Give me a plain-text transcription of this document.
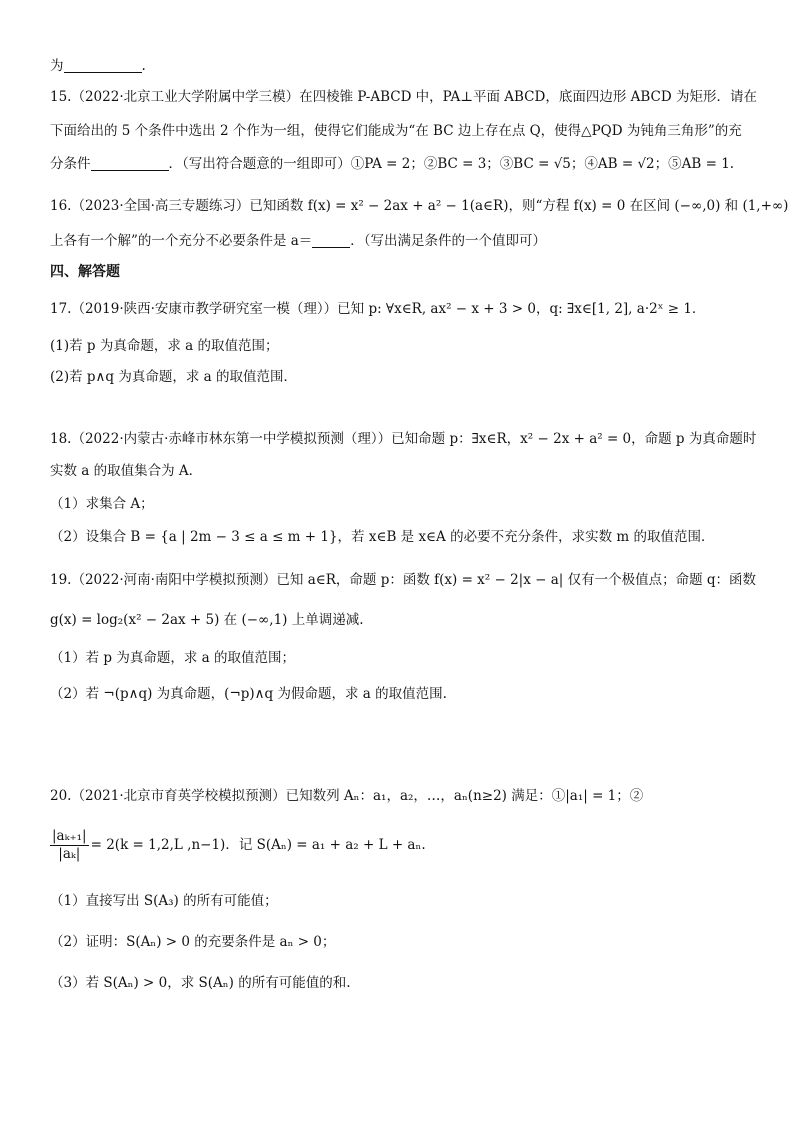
为	.
15.（2022·北京工业大学附属中学三模）在四棱锥 P-ABCD 中，PA⊥平面 ABCD，底面四边形 ABCD 为矩形．请在
下面给出的 5 个条件中选出 2 个作为一组，使得它们能成为“在 BC 边上存在点 Q，使得△PQD 为钝角三角形”的充
分条件	．（写出符合题意的一组即可）①PA = 2；②BC = 3；③BC = √5；④AB = √2；⑤AB = 1.
16.（2023·全国·高三专题练习）已知函数 f(x) = x² − 2ax + a² − 1(a∈R)，则“方程 f(x) = 0 在区间 (−∞,0) 和 (1,+∞)
上各有一个解”的一个充分不必要条件是 a＝	．（写出满足条件的一个值即可）
四、解答题
17.（2019·陕西·安康市教学研究室一模（理））已知 p: ∀x∈R, ax² − x + 3 > 0，q: ∃x∈[1, 2], a·2ˣ ≥ 1．
(1)若 p 为真命题，求 a 的取值范围；
(2)若 p∧q 为真命题，求 a 的取值范围．
18.（2022·内蒙古·赤峰市林东第一中学模拟预测（理））已知命题 p：∃x∈R，x² − 2x + a² = 0，命题 p 为真命题时
实数 a 的取值集合为 A．
（1）求集合 A；
（2）设集合 B = {a | 2m − 3 ≤ a ≤ m + 1}，若 x∈B 是 x∈A 的必要不充分条件，求实数 m 的取值范围．
19.（2022·河南·南阳中学模拟预测）已知 a∈R，命题 p：函数 f(x) = x² − 2|x − a| 仅有一个极值点；命题 q：函数
g(x) = log₂(x² − 2ax + 5) 在 (−∞,1) 上单调递减.
（1）若 p 为真命题，求 a 的取值范围；
（2）若 ¬(p∧q) 为真命题，(¬p)∧q 为假命题，求 a 的取值范围.
20.（2021·北京市育英学校模拟预测）已知数列 Aₙ：a₁，a₂，…，aₙ(n≥2) 满足：①|a₁| = 1；②
$\frac{\text{|aₖ₊₁|}}{\text{|aₖ|}} = 2(k = 1,2,L$ ,n−1)．记 S(Aₙ) = a₁ + a₂ + L + aₙ.
（1）直接写出 S(A₃) 的所有可能值；
（2）证明：S(Aₙ) > 0 的充要条件是 aₙ > 0；
（3）若 S(Aₙ) > 0，求 S(Aₙ) 的所有可能值的和.
